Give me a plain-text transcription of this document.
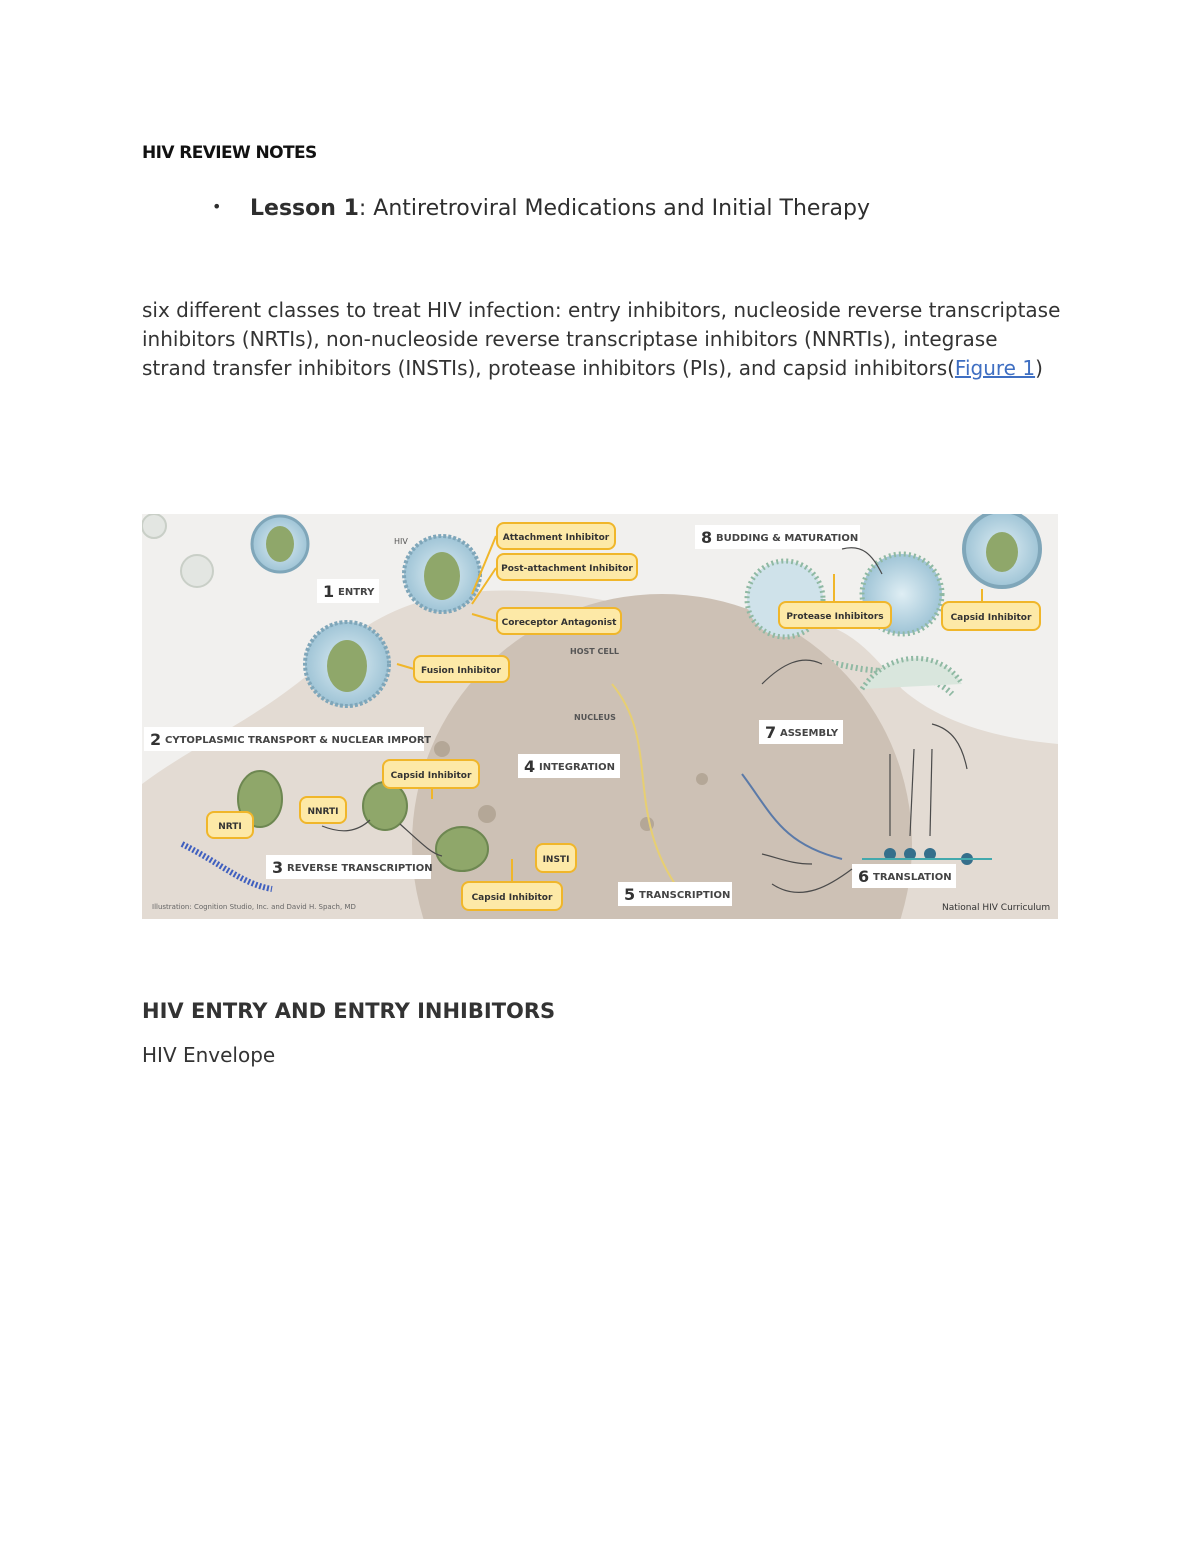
HIV REVIEW NOTES

• Lesson 1: Antiretroviral Medications and Initial Therapy

six different classes to treat HIV infection: entry inhibitors, nucleoside reverse transcriptase inhibitors (NRTIs), non-nucleoside reverse transcriptase inhibitors (NNRTIs), integrase strand transfer inhibitors (INSTIs), protease inhibitors (PIs), and capsid inhibitors(Figure 1)

1 ENTRY
2 CYTOPLASMIC TRANSPORT & NUCLEAR IMPORT
3 REVERSE TRANSCRIPTION
4 INTEGRATION
5 TRANSCRIPTION
6 TRANSLATION
7 ASSEMBLY
8 BUDDING & MATURATION
Attachment Inhibitor
Post-attachment Inhibitor
Coreceptor Antagonist
Fusion Inhibitor
Capsid Inhibitor
NNRTI
NRTI
INSTI
Capsid Inhibitor
Protease Inhibitors	Capsid Inhibitor
HIV
HOST CELL
NUCLEUS
Illustration: Cognition Studio, Inc. and David H. Spach, MD	National HIV Curriculum
HIV ENTRY AND ENTRY INHIBITORS
HIV Envelope
